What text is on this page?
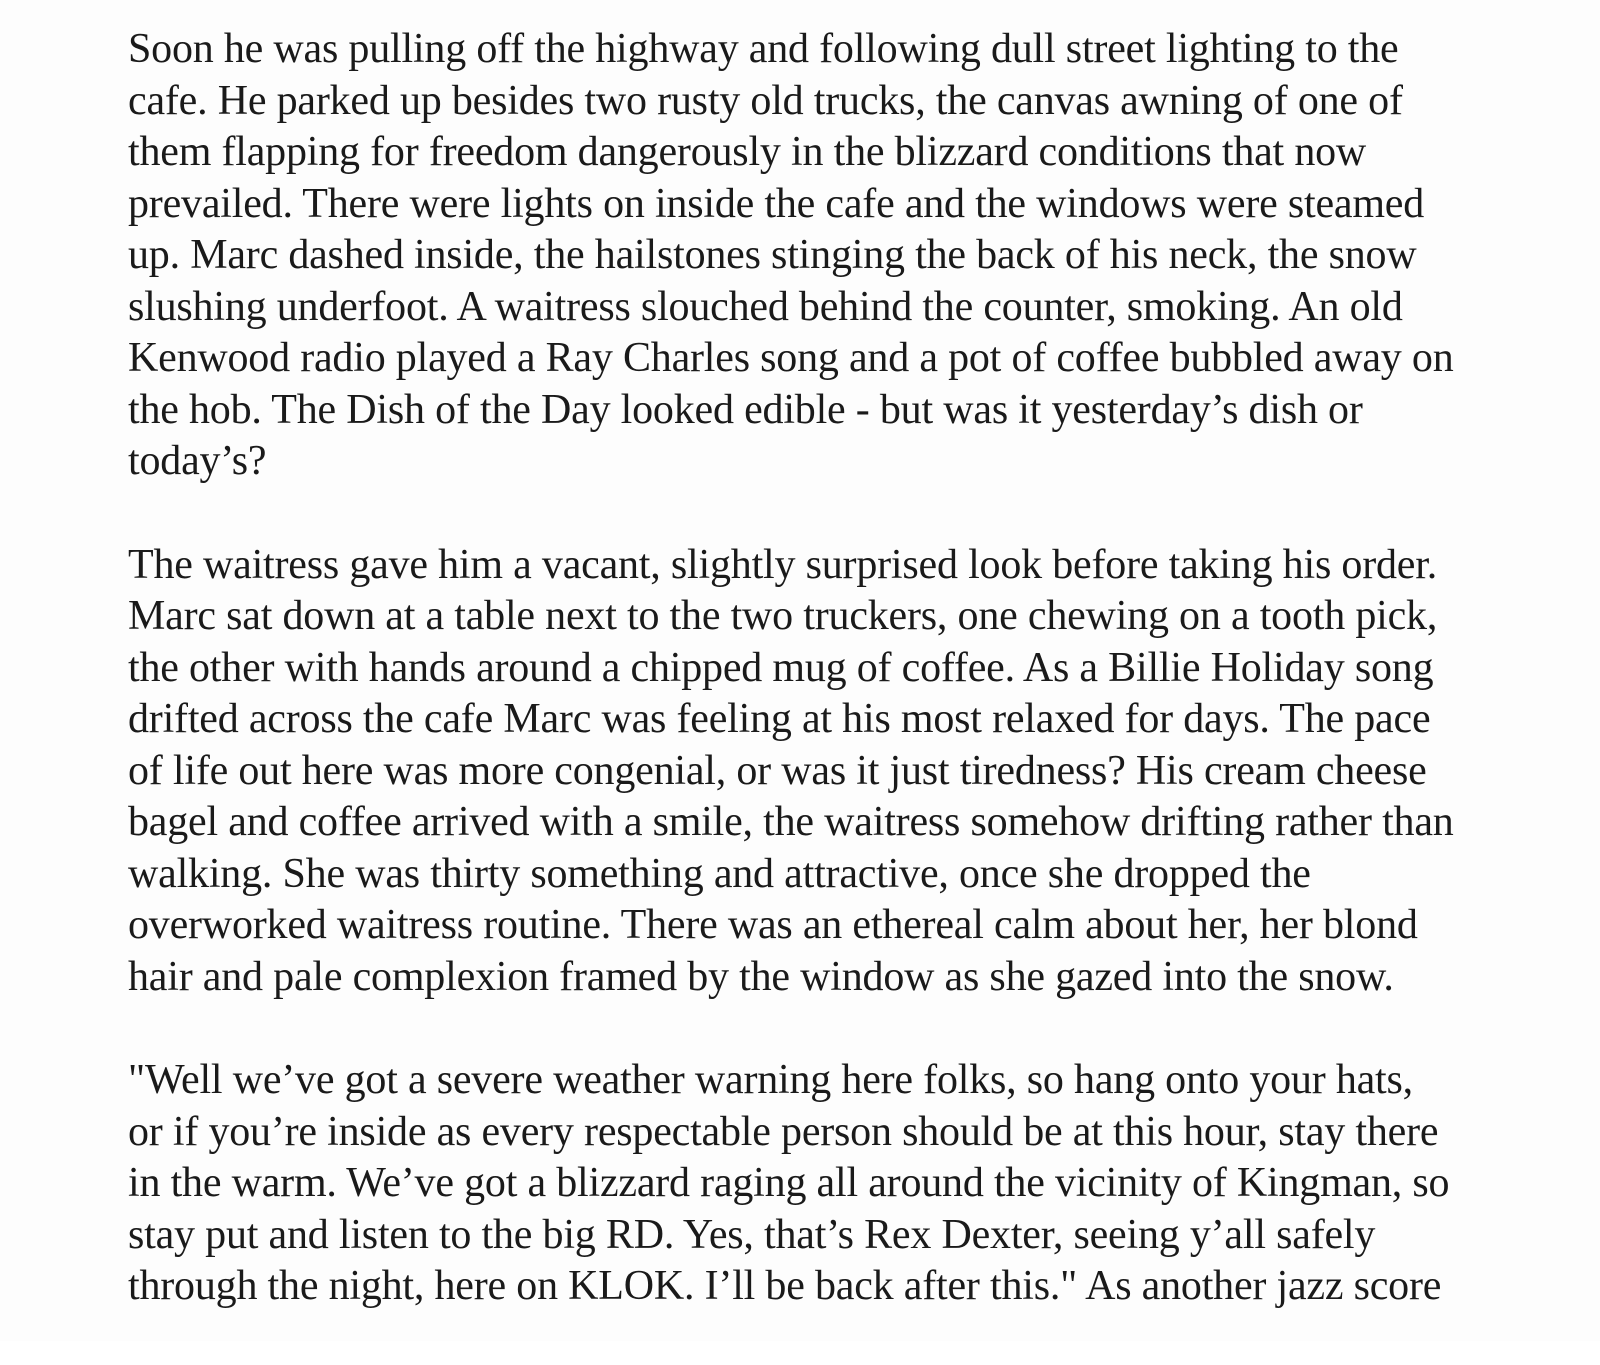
Soon he was pulling off the highway and following dull street lighting to the
cafe. He parked up besides two rusty old trucks, the canvas awning of one of
them flapping for freedom dangerously in the blizzard conditions that now
prevailed. There were lights on inside the cafe and the windows were steamed
up. Marc dashed inside, the hailstones stinging the back of his neck, the snow
slushing underfoot. A waitress slouched behind the counter, smoking. An old
Kenwood radio played a Ray Charles song and a pot of coffee bubbled away on
the hob. The Dish of the Day looked edible - but was it yesterday’s dish or
today’s?

The waitress gave him a vacant, slightly surprised look before taking his order.
Marc sat down at a table next to the two truckers, one chewing on a tooth pick,
the other with hands around a chipped mug of coffee. As a Billie Holiday song
drifted across the cafe Marc was feeling at his most relaxed for days. The pace
of life out here was more congenial, or was it just tiredness? His cream cheese
bagel and coffee arrived with a smile, the waitress somehow drifting rather than
walking. She was thirty something and attractive, once she dropped the
overworked waitress routine. There was an ethereal calm about her, her blond
hair and pale complexion framed by the window as she gazed into the snow.

"Well we’ve got a severe weather warning here folks, so hang onto your hats,
or if you’re inside as every respectable person should be at this hour, stay there
in the warm. We’ve got a blizzard raging all around the vicinity of Kingman, so
stay put and listen to the big RD. Yes, that’s Rex Dexter, seeing y’all safely
through the night, here on KLOK. I’ll be back after this." As another jazz score
